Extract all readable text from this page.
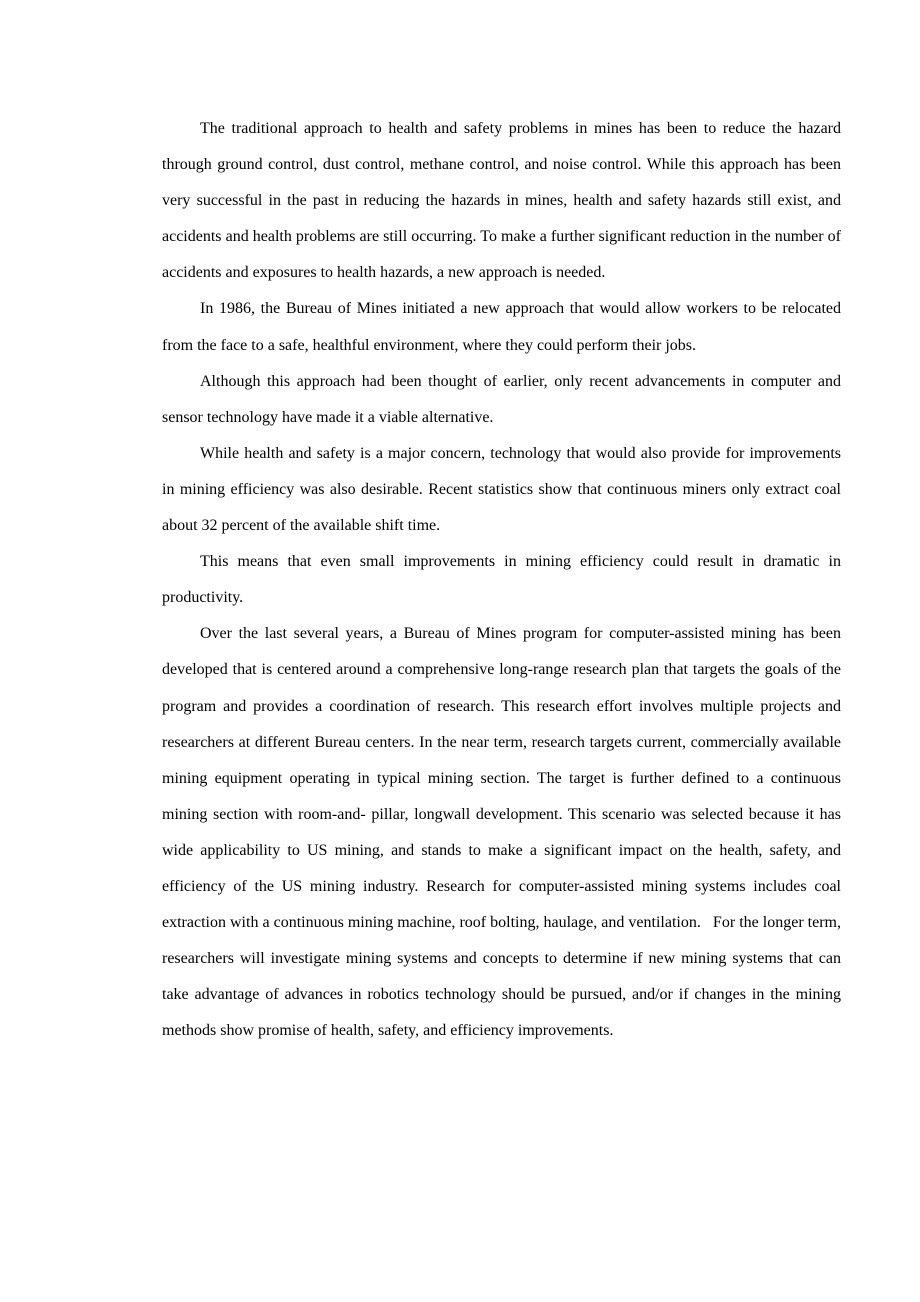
The traditional approach to health and safety problems in mines has been to reduce the hazard through ground control, dust control, methane control, and noise control. While this approach has been very successful in the past in reducing the hazards in mines, health and safety hazards still exist, and accidents and health problems are still occurring. To make a further significant reduction in the number of accidents and exposures to health hazards, a new approach is needed.

In 1986, the Bureau of Mines initiated a new approach that would allow workers to be relocated from the face to a safe, healthful environment, where they could perform their jobs.

Although this approach had been thought of earlier, only recent advancements in computer and sensor technology have made it a viable alternative.

While health and safety is a major concern, technology that would also provide for improvements in mining efficiency was also desirable. Recent statistics show that continuous miners only extract coal about 32 percent of the available shift time.

This means that even small improvements in mining efficiency could result in dramatic in productivity.

Over the last several years, a Bureau of Mines program for computer-assisted mining has been developed that is centered around a comprehensive long-range research plan that targets the goals of the program and provides a coordination of research. This research effort involves multiple projects and researchers at different Bureau centers. In the near term, research targets current, commercially available mining equipment operating in typical mining section. The target is further defined to a continuous mining section with room-and- pillar, longwall development. This scenario was selected because it has wide applicability to US mining, and stands to make a significant impact on the health, safety, and efficiency of the US mining industry. Research for computer-assisted mining systems includes coal extraction with a continuous mining machine, roof bolting, haulage, and ventilation.   For the longer term, researchers will investigate mining systems and concepts to determine if new mining systems that can take advantage of advances in robotics technology should be pursued, and/or if changes in the mining methods show promise of health, safety, and efficiency improvements.
